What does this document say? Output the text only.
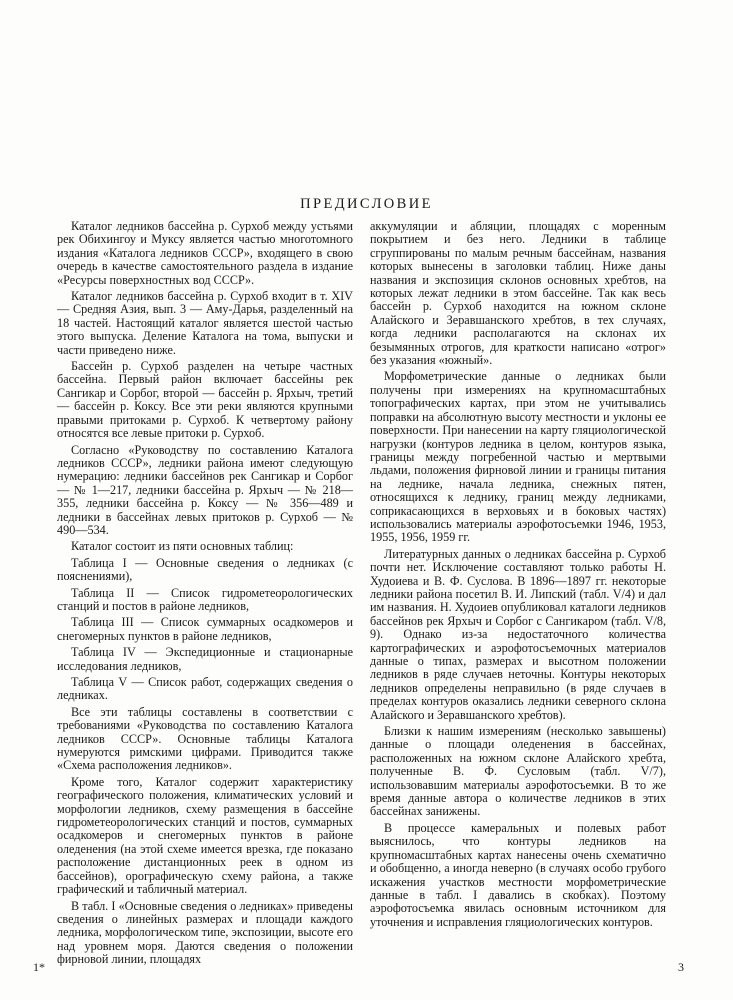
ПРЕДИСЛОВИЕ

Каталог ледников бассейна р. Сурхоб между устьями рек Обихингоу и Муксу является частью многотомного издания «Каталога ледников СССР», входящего в свою очередь в качестве самостоятельного раздела в издание «Ресурсы поверхностных вод СССР».

Каталог ледников бассейна р. Сурхоб входит в т. XIV — Средняя Азия, вып. 3 — Аму-Дарья, разделенный на 18 частей. Настоящий каталог является шестой частью этого выпуска. Деление Каталога на тома, выпуски и части приведено ниже.

Бассейн р. Сурхоб разделен на четыре частных бассейна. Первый район включает бассейны рек Сангикар и Сорбог, второй — бассейн р. Ярхыч, третий — бассейн р. Коксу. Все эти реки являются крупными правыми притоками р. Сурхоб. К четвертому району относятся все левые притоки р. Сурхоб.

Согласно «Руководству по составлению Каталога ледников СССР», ледники района имеют следующую нумерацию: ледники бассейнов рек Сангикар и Сорбог — № 1—217, ледники бассейна р. Ярхыч — № 218—355, ледники бассейна р. Коксу — № 356—489 и ледники в бассейнах левых притоков р. Сурхоб — № 490—534.

Каталог состоит из пяти основных таблиц:

Таблица I — Основные сведения о ледниках (с пояснениями),

Таблица II — Список гидрометеорологических станций и постов в районе ледников,

Таблица III — Список суммарных осадкомеров и снегомерных пунктов в районе ледников,

Таблица IV — Экспедиционные и стационарные исследования ледников,

Таблица V — Список работ, содержащих сведения о ледниках.

Все эти таблицы составлены в соответствии с требованиями «Руководства по составлению Каталога ледников СССР». Основные таблицы Каталога нумеруются римскими цифрами. Приводится также «Схема расположения ледников».

Кроме того, Каталог содержит характеристику географического положения, климатических условий и морфологии ледников, схему размещения в бассейне гидрометеорологических станций и постов, суммарных осадкомеров и снегомерных пунктов в районе оледенения (на этой схеме имеется врезка, где показано расположение дистанционных реек в одном из бассейнов), орографическую схему района, а также графический и табличный материал.

В табл. I «Основные сведения о ледниках» приведены сведения о линейных размерах и площади каждого ледника, морфологическом типе, экспозиции, высоте его над уровнем моря. Даются сведения о положении фирновой линии, площадях

аккумуляции и абляции, площадях с моренным покрытием и без него. Ледники в таблице сгруппированы по малым речным бассейнам, названия которых вынесены в заголовки таблиц. Ниже даны названия и экспозиция склонов основных хребтов, на которых лежат ледники в этом бассейне. Так как весь бассейн р. Сурхоб находится на южном склоне Алайского и Зеравшанского хребтов, в тех случаях, когда ледники располагаются на склонах их безымянных отрогов, для краткости написано «отрог» без указания «южный».

Морфометрические данные о ледниках были получены при измерениях на крупномасштабных топографических картах, при этом не учитывались поправки на абсолютную высоту местности и уклоны ее поверхности. При нанесении на карту гляциологической нагрузки (контуров ледника в целом, контуров языка, границы между погребенной частью и мертвыми льдами, положения фирновой линии и границы питания на леднике, начала ледника, снежных пятен, относящихся к леднику, границ между ледниками, соприкасающихся в верховьях и в боковых частях) использовались материалы аэрофотосъемки 1946, 1953, 1955, 1956, 1959 гг.

Литературных данных о ледниках бассейна р. Сурхоб почти нет. Исключение составляют только работы Н. Худоиева и В. Ф. Суслова. В 1896—1897 гг. некоторые ледники района посетил В. И. Липский (табл. V/4) и дал им названия. Н. Худоиев опубликовал каталоги ледников бассейнов рек Ярхыч и Сорбог с Сангикаром (табл. V/8, 9). Однако из-за недостаточного количества картографических и аэрофотосъемочных материалов данные о типах, размерах и высотном положении ледников в ряде случаев неточны. Контуры некоторых ледников определены неправильно (в ряде случаев в пределах контуров оказались ледники северного склона Алайского и Зеравшанского хребтов).

Близки к нашим измерениям (несколько завышены) данные о площади оледенения в бассейнах, расположенных на южном склоне Алайского хребта, полученные В. Ф. Сусловым (табл. V/7), использовавшим материалы аэрофотосъемки. В то же время данные автора о количестве ледников в этих бассейнах занижены.

В процессе камеральных и полевых работ выяснилось, что контуры ледников на крупномасштабных картах нанесены очень схематично и обобщенно, а иногда неверно (в случаях особо грубого искажения участков местности морфометрические данные в табл. I давались в скобках). Поэтому аэрофотосъемка явилась основным источником для уточнения и исправления гляциологических контуров.

1*	3
